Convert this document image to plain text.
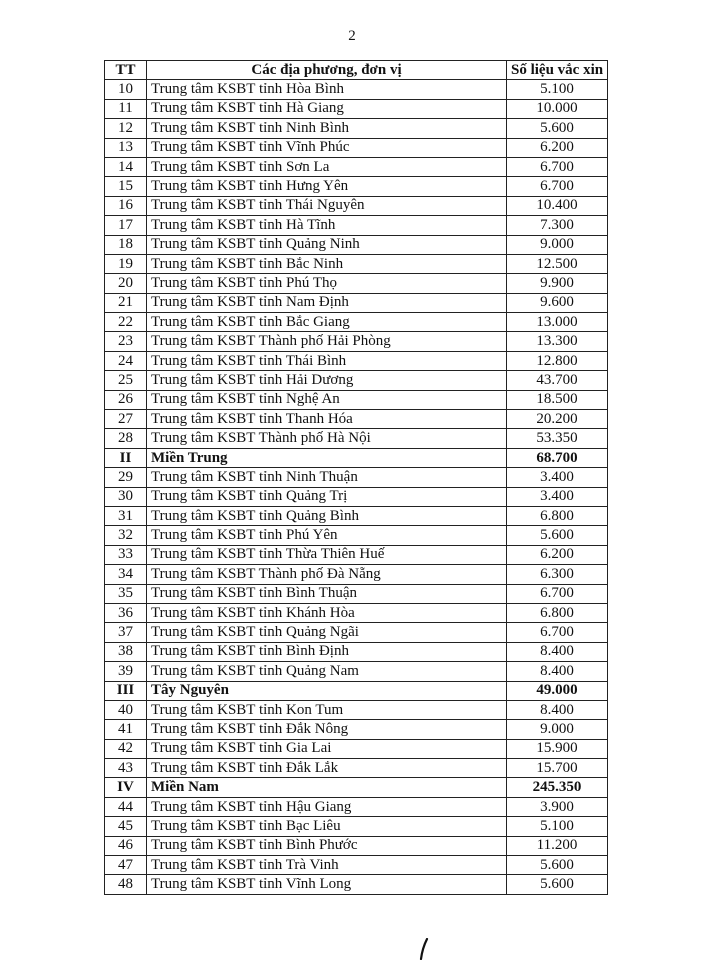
2
TT	Các địa phương, đơn vị	Số liệu vắc xin
10	Trung tâm KSBT tỉnh Hòa Bình	5.100
11	Trung tâm KSBT tỉnh Hà Giang	10.000
12	Trung tâm KSBT tỉnh Ninh Bình	5.600
13	Trung tâm KSBT tỉnh Vĩnh Phúc	6.200
14	Trung tâm KSBT tỉnh Sơn La	6.700
15	Trung tâm KSBT tỉnh Hưng Yên	6.700
16	Trung tâm KSBT tỉnh Thái Nguyên	10.400
17	Trung tâm KSBT tỉnh Hà Tĩnh	7.300
18	Trung tâm KSBT tỉnh Quảng Ninh	9.000
19	Trung tâm KSBT tỉnh Bắc Ninh	12.500
20	Trung tâm KSBT tỉnh Phú Thọ	9.900
21	Trung tâm KSBT tỉnh Nam Định	9.600
22	Trung tâm KSBT tỉnh Bắc Giang	13.000
23	Trung tâm KSBT Thành phố Hải Phòng	13.300
24	Trung tâm KSBT tỉnh Thái Bình	12.800
25	Trung tâm KSBT tỉnh Hải Dương	43.700
26	Trung tâm KSBT tỉnh Nghệ An	18.500
27	Trung tâm KSBT tỉnh Thanh Hóa	20.200
28	Trung tâm KSBT Thành phố Hà Nội	53.350
II	Miền Trung	68.700
29	Trung tâm KSBT tỉnh Ninh Thuận	3.400
30	Trung tâm KSBT tỉnh Quảng Trị	3.400
31	Trung tâm KSBT tỉnh Quảng Bình	6.800
32	Trung tâm KSBT tỉnh Phú Yên	5.600
33	Trung tâm KSBT tỉnh Thừa Thiên Huế	6.200
34	Trung tâm KSBT Thành phố Đà Nẵng	6.300
35	Trung tâm KSBT tỉnh Bình Thuận	6.700
36	Trung tâm KSBT tỉnh Khánh Hòa	6.800
37	Trung tâm KSBT tỉnh Quảng Ngãi	6.700
38	Trung tâm KSBT tỉnh Bình Định	8.400
39	Trung tâm KSBT tỉnh Quảng Nam	8.400
III	Tây Nguyên	49.000
40	Trung tâm KSBT tỉnh Kon Tum	8.400
41	Trung tâm KSBT tỉnh Đắk Nông	9.000
42	Trung tâm KSBT tỉnh Gia Lai	15.900
43	Trung tâm KSBT tỉnh Đắk Lắk	15.700
IV	Miền Nam	245.350
44	Trung tâm KSBT tỉnh Hậu Giang	3.900
45	Trung tâm KSBT tỉnh Bạc Liêu	5.100
46	Trung tâm KSBT tỉnh Bình Phước	11.200
47	Trung tâm KSBT tỉnh Trà Vinh	5.600
48	Trung tâm KSBT tỉnh Vĩnh Long	5.600
